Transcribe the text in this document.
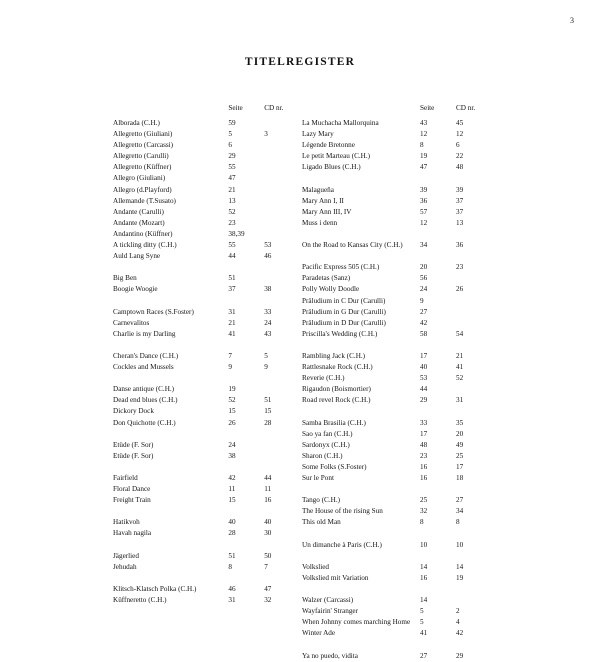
3
TITELREGISTER
Seite	CD nr.
Alborada (C.H.)	59
Allegretto (Giuliani)	5	3
Allegretto (Carcassi)	6
Allegretto (Carulli)	29
Allegretto (Küffner)	55
Allegro (Giuliani)	47
Allegro (d.Playford)	21
Allemande (T.Susato)	13
Andante (Carulli)	52
Andante (Mozart)	23
Andantino (Küffner)	38,39
A tickling ditty (C.H.)	55	53
Auld Lang Syne	44	46
Big Ben	51
Boogie Woogie	37	38
Camptown Races (S.Foster)	31	33
Carnevalitos	21	24
Charlie is my Darling	41	43
Cheran's Dance (C.H.)	7	5
Cockles and Mussels	9	9
Danse antique (C.H.)	19
Dead end blues (C.H.)	52	51
Dickory Dock	15	15
Don Quichotte (C.H.)	26	28
Etüde (F. Sor)	24
Etüde (F. Sor)	38
Fairfield	42	44
Floral Dance	11	11
Freight Train	15	16
Hatikvoh	40	40
Havah nagila	28	30
Jägerlied	51	50
Jehudah	8	7
Klitsch-Klatsch Polka (C.H.)	46	47
Küffneretto (C.H.)	31	32
Seite	CD nr.
La Muchacha Mallorquina	43	45
Lazy Mary	12	12
Légende Bretonne	8	6
Le petit Marteau (C.H.)	19	22
Ligado Blues (C.H.)	47	48
Malagueña	39	39
Mary Ann I, II	36	37
Mary Ann III, IV	57	37
Muss i denn	12	13
On the Road to Kansas City (C.H.)	34	36
Pacific Express 505 (C.H.)	20	23
Paradetas (Sanz)	56
Polly Wolly Doodle	24	26
Präludium in C Dur (Carulli)	9
Präludium in G Dur (Carulli)	27
Präludium in D Dur (Carulli)	42
Priscilla's Wedding (C.H.)	58	54
Rambling Jack (C.H.)	17	21
Rattlesnake Rock (C.H.)	40	41
Reverie (C.H.)	53	52
Rigaudon (Boismortier)	44
Road revel Rock (C.H.)	29	31
Samba Brasilia (C.H.)	33	35
Sao ya fan (C.H.)	17	20
Sardonyx (C.H.)	48	49
Sharon (C.H.)	23	25
Some Folks (S.Foster)	16	17
Sur le Pont	16	18
Tango (C.H.)	25	27
The House of the rising Sun	32	34
This old Man	8	8
Un dimanche à Paris (C.H.)	10	10
Volkslied	14	14
Volkslied mit Variation	16	19
Walzer (Carcassi)	14
Wayfairin' Stranger	5	2
When Johnny comes marching Home	5	4
Winter Ade	41	42
Ya no puedo, vidita	27	29
